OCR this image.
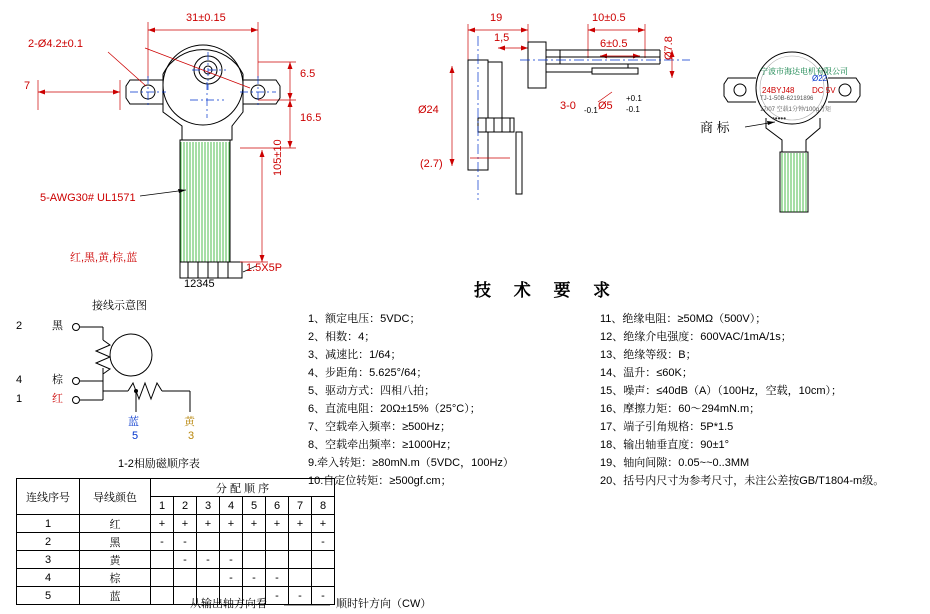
31±0.15
2-Ø4.2±0.1
7
6.5
16.5
105±10
5-AWG30# UL1571
红,黑,黄,棕,蓝
1.5X5P
12345
接线示意图
19
1,5
10±0.5
6±0.5
Ø24
Ø7.8
3-0 -0.1 Ø5
+0.1
-0.1
(2.7)
宁波市海达电机有限公司
24BYJ48 DC 5V
Ø22
TJ-1-50B-62191896
17/07 空载1分钟/100g力矩
•••••
商 标
2	黑
4	棕
1	红
蓝
5
黄
3
1-2相励磁顺序表
技 术 要 求
1、额定电压：5VDC；
2、相数：4；
3、减速比：1/64；
4、步距角：5.625°/64；
5、驱动方式：四相八拍；
6、直流电阻：20Ω±15%（25°C）；
7、空载牵入频率：≥500Hz；
8、空载牵出频率：≥1000Hz；
9.牵入转矩：≥80mN.m（5VDC，100Hz）
10:自定位转矩：≥500gf.cm；
11、绝缘电阻：≥50MΩ（500V）；
12、绝缘介电强度：600VAC/1mA/1s；
13、绝缘等级：B；
14、温升：≤60K；
15、噪声：≤40dB（A）（100Hz，空载，10cm）；
16、摩擦力矩：60～294mN.m；
17、端子引角规格：5P*1.5
18、输出轴垂直度：90±1°
19、轴向间隙：0.05~~0..3MM
20、括号内尺寸为参考尺寸，未注公差按GB/T1804-m级。
连线序号	导线颜色	分 配 顺 序							
		1	2	3	4	5	6	7	8
1	红	+	+	+	+	+	+	+	+
2	黑	-	-						-
3	黄		-	-	-				
4	棕				-	-	-		
5	蓝						-	-	-
从输出轴方向看	顺时针方向（CW）
